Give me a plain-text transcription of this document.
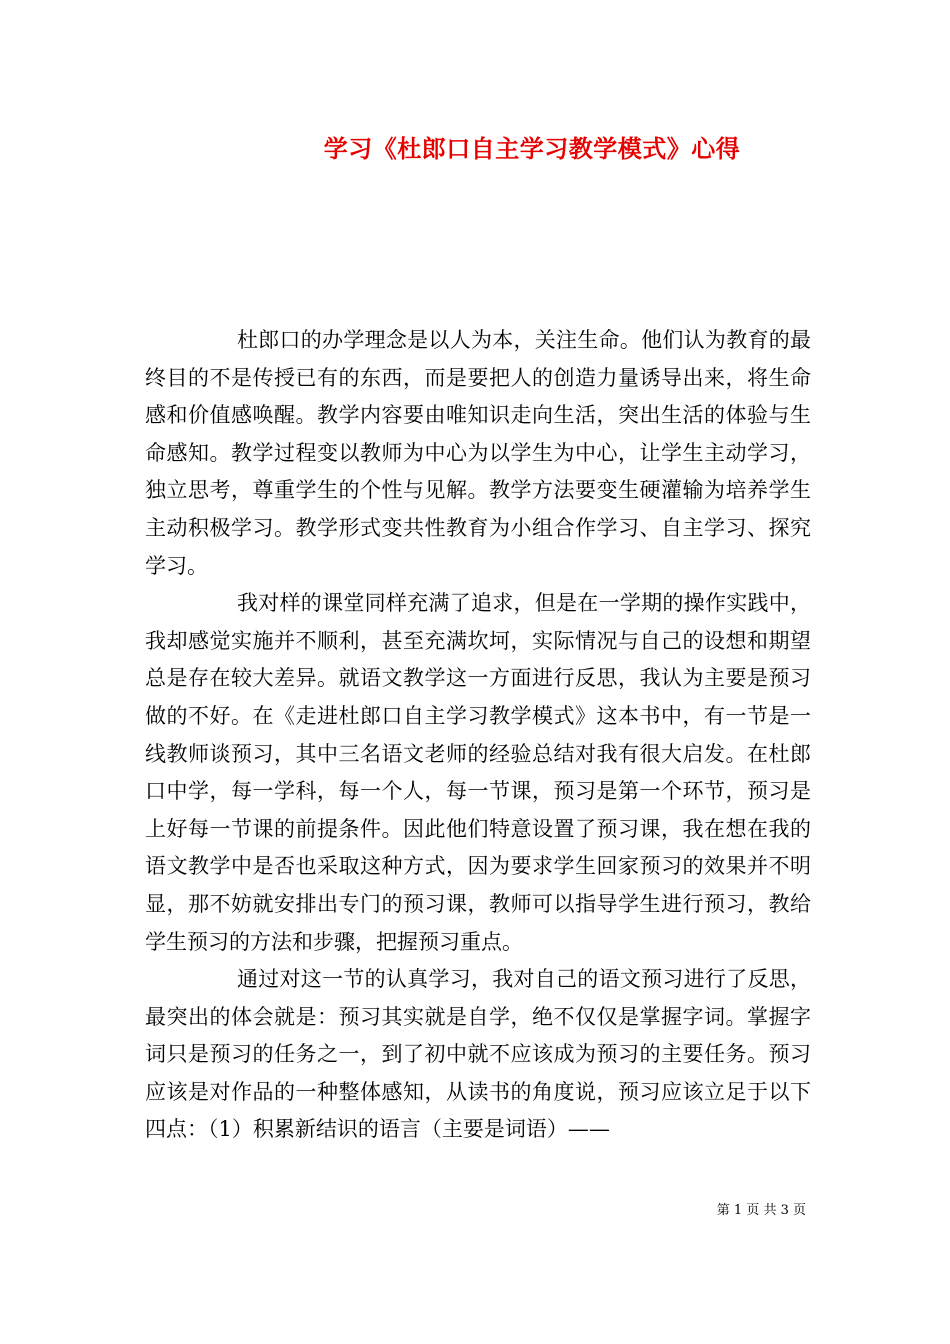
学习《杜郎口自主学习教学模式》心得

杜郎口的办学理念是以人为本，关注生命。他们认为教育的最终目的不是传授已有的东西，而是要把人的创造力量诱导出来，将生命感和价值感唤醒。教学内容要由唯知识走向生活，突出生活的体验与生命感知。教学过程变以教师为中心为以学生为中心，让学生主动学习，独立思考，尊重学生的个性与见解。教学方法要变生硬灌输为培养学生主动积极学习。教学形式变共性教育为小组合作学习、自主学习、探究学习。

我对样的课堂同样充满了追求，但是在一学期的操作实践中，我却感觉实施并不顺利，甚至充满坎坷，实际情况与自己的设想和期望总是存在较大差异。就语文教学这一方面进行反思，我认为主要是预习做的不好。在《走进杜郎口自主学习教学模式》这本书中，有一节是一线教师谈预习，其中三名语文老师的经验总结对我有很大启发。在杜郎口中学，每一学科，每一个人，每一节课，预习是第一个环节，预习是上好每一节课的前提条件。因此他们特意设置了预习课，我在想在我的语文教学中是否也采取这种方式，因为要求学生回家预习的效果并不明显，那不妨就安排出专门的预习课，教师可以指导学生进行预习，教给学生预习的方法和步骤，把握预习重点。

通过对这一节的认真学习，我对自己的语文预习进行了反思，最突出的体会就是：预习其实就是自学，绝不仅仅是掌握字词。掌握字词只是预习的任务之一，到了初中就不应该成为预习的主要任务。预习应该是对作品的一种整体感知，从读书的角度说，预习应该立足于以下四点：（1）积累新结识的语言（主要是词语）——

第 1 页 共 3 页
